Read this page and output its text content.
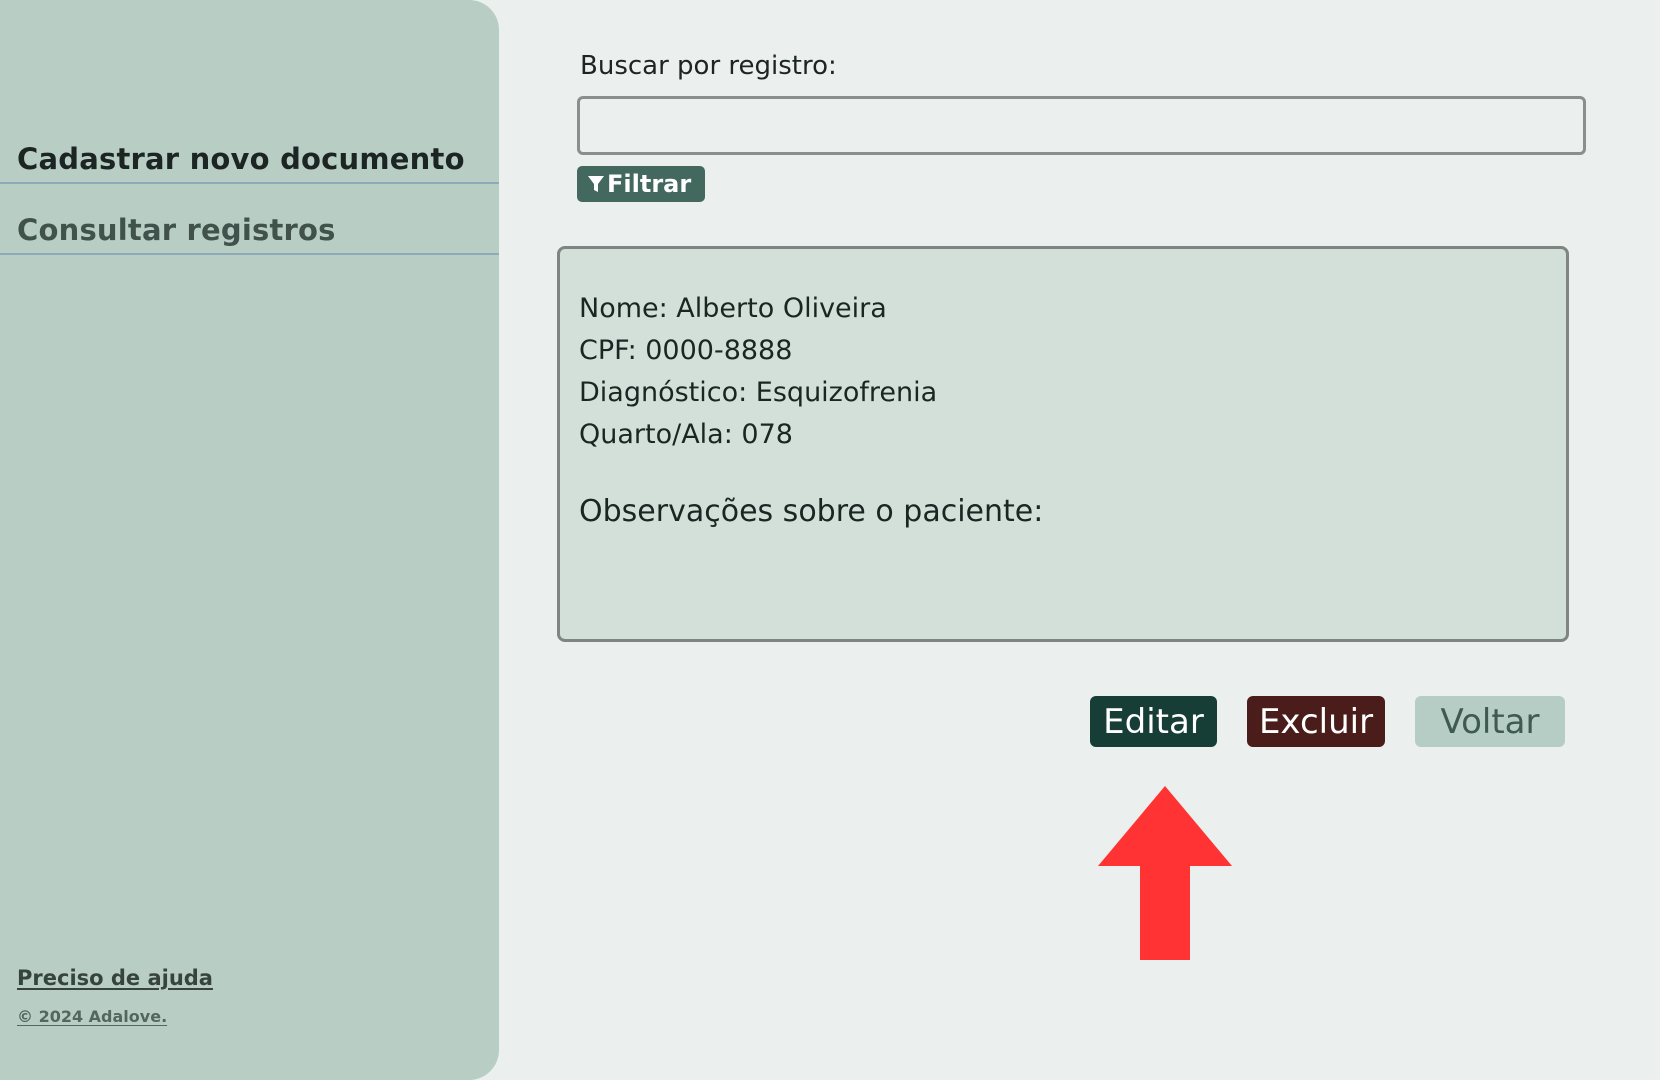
Cadastrar novo documento
Consultar registros
Preciso de ajuda
© 2024 Adalove.
Buscar por registro:
Filtrar
Nome: Alberto Oliveira
CPF: 0000-8888
Diagnóstico: Esquizofrenia
Quarto/Ala: 078
Observações sobre o paciente:
Editar	Excluir	Voltar
